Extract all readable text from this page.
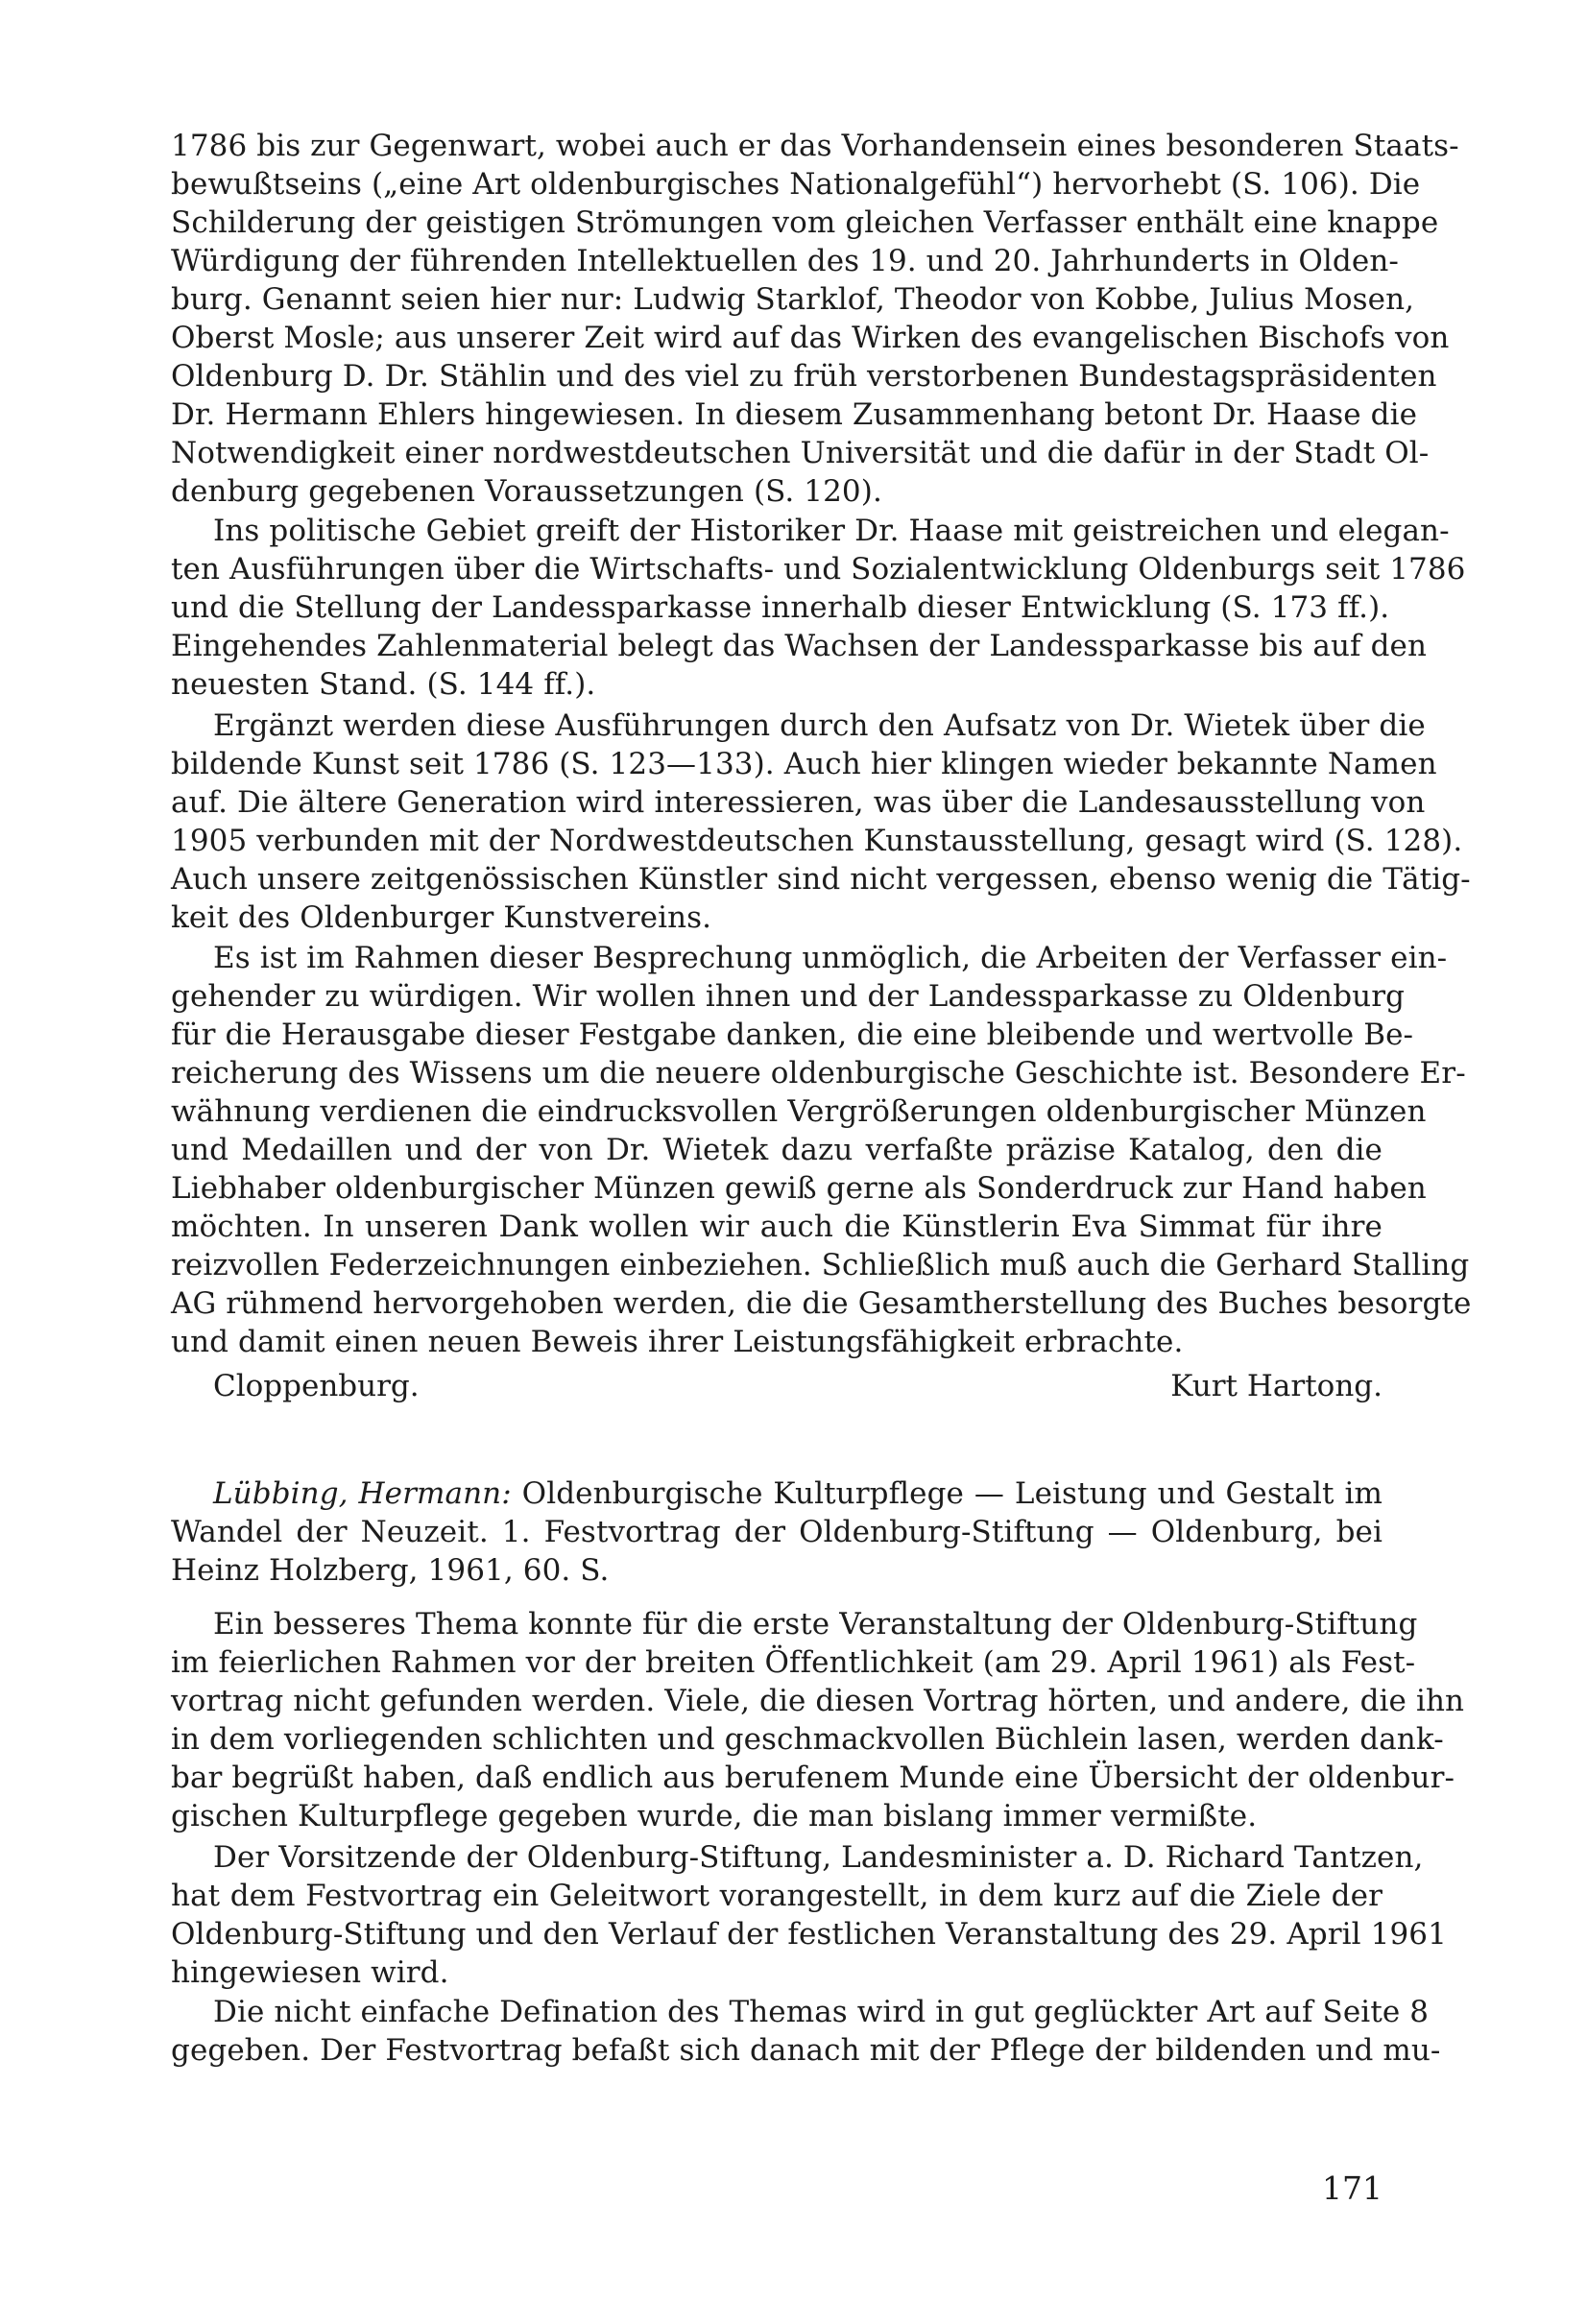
1786 bis zur Gegenwart, wobei auch er das Vorhandensein eines besonderen Staats-
bewußtseins („eine Art oldenburgisches Nationalgefühl“) hervorhebt (S. 106). Die
Schilderung der geistigen Strömungen vom gleichen Verfasser enthält eine knappe
Würdigung der führenden Intellektuellen des 19. und 20. Jahrhunderts in Olden-
burg. Genannt seien hier nur: Ludwig Starklof, Theodor von Kobbe, Julius Mosen,
Oberst Mosle; aus unserer Zeit wird auf das Wirken des evangelischen Bischofs von
Oldenburg D. Dr. Stählin und des viel zu früh verstorbenen Bundestagspräsidenten
Dr. Hermann Ehlers hingewiesen. In diesem Zusammenhang betont Dr. Haase die
Notwendigkeit einer nordwestdeutschen Universität und die dafür in der Stadt Ol-
denburg gegebenen Voraussetzungen (S. 120).
Ins politische Gebiet greift der Historiker Dr. Haase mit geistreichen und elegan-
ten Ausführungen über die Wirtschafts- und Sozialentwicklung Oldenburgs seit 1786
und die Stellung der Landessparkasse innerhalb dieser Entwicklung (S. 173 ff.).
Eingehendes Zahlenmaterial belegt das Wachsen der Landessparkasse bis auf den
neuesten Stand. (S. 144 ff.).
Ergänzt werden diese Ausführungen durch den Aufsatz von Dr. Wietek über die
bildende Kunst seit 1786 (S. 123—133). Auch hier klingen wieder bekannte Namen
auf. Die ältere Generation wird interessieren, was über die Landesausstellung von
1905 verbunden mit der Nordwestdeutschen Kunstausstellung, gesagt wird (S. 128).
Auch unsere zeitgenössischen Künstler sind nicht vergessen, ebenso wenig die Tätig-
keit des Oldenburger Kunstvereins.
Es ist im Rahmen dieser Besprechung unmöglich, die Arbeiten der Verfasser ein-
gehender zu würdigen. Wir wollen ihnen und der Landessparkasse zu Oldenburg
für die Herausgabe dieser Festgabe danken, die eine bleibende und wertvolle Be-
reicherung des Wissens um die neuere oldenburgische Geschichte ist. Besondere Er-
wähnung verdienen die eindrucksvollen Vergrößerungen oldenburgischer Münzen
und Medaillen und der von Dr. Wietek dazu verfaßte präzise Katalog, den die
Liebhaber oldenburgischer Münzen gewiß gerne als Sonderdruck zur Hand haben
möchten. In unseren Dank wollen wir auch die Künstlerin Eva Simmat für ihre
reizvollen Federzeichnungen einbeziehen. Schließlich muß auch die Gerhard Stalling
AG rühmend hervorgehoben werden, die die Gesamtherstellung des Buches besorgte
und damit einen neuen Beweis ihrer Leistungsfähigkeit erbrachte.
Cloppenburg.	Kurt Hartong.
Lübbing, Hermann: Oldenburgische Kulturpflege — Leistung und Gestalt im
Wandel der Neuzeit. 1. Festvortrag der Oldenburg-Stiftung — Oldenburg, bei
Heinz Holzberg, 1961, 60. S.
Ein besseres Thema konnte für die erste Veranstaltung der Oldenburg-Stiftung
im feierlichen Rahmen vor der breiten Öffentlichkeit (am 29. April 1961) als Fest-
vortrag nicht gefunden werden. Viele, die diesen Vortrag hörten, und andere, die ihn
in dem vorliegenden schlichten und geschmackvollen Büchlein lasen, werden dank-
bar begrüßt haben, daß endlich aus berufenem Munde eine Übersicht der oldenbur-
gischen Kulturpflege gegeben wurde, die man bislang immer vermißte.
Der Vorsitzende der Oldenburg-Stiftung, Landesminister a. D. Richard Tantzen,
hat dem Festvortrag ein Geleitwort vorangestellt, in dem kurz auf die Ziele der
Oldenburg-Stiftung und den Verlauf der festlichen Veranstaltung des 29. April 1961
hingewiesen wird.
Die nicht einfache Defination des Themas wird in gut geglückter Art auf Seite 8
gegeben. Der Festvortrag befaßt sich danach mit der Pflege der bildenden und mu-
171
